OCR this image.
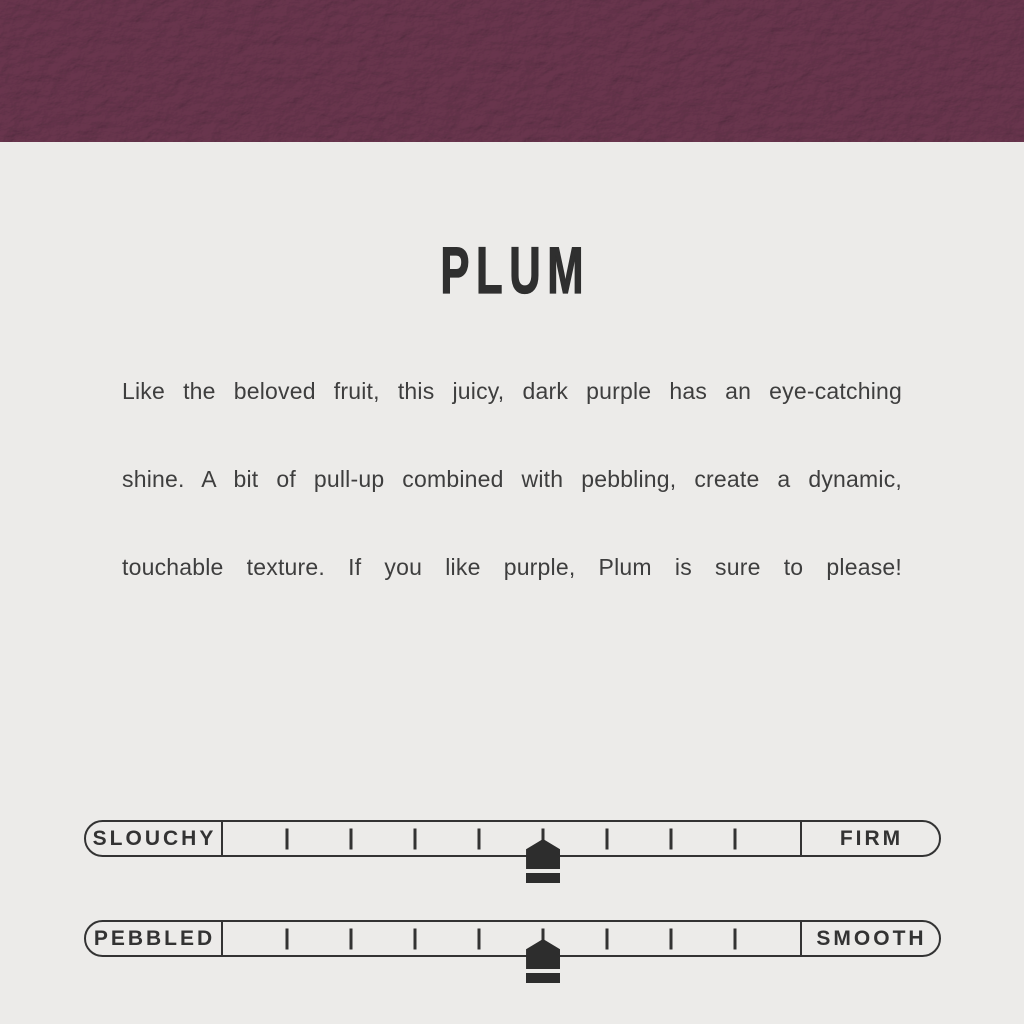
PLUM

Like the beloved fruit, this juicy, dark purple has an eye-catching

shine. A bit of pull-up combined with pebbling, create a dynamic,

touchable texture. If you like purple, Plum is sure to please!

SLOUCHY	FIRM
PEBBLED	SMOOTH
